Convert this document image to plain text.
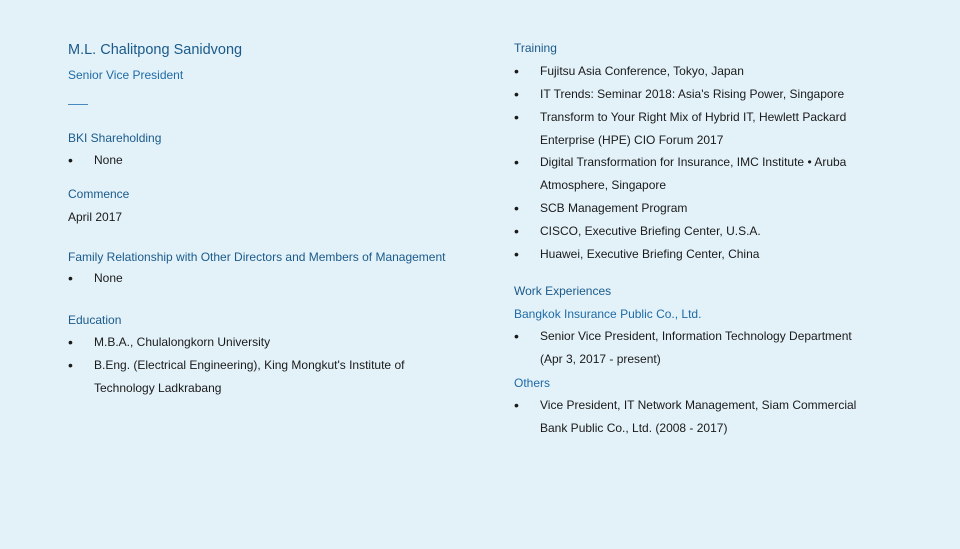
M.L. Chalitpong Sanidvong
Senior Vice President
BKI Shareholding
• None
Commence
April 2017
Family Relationship with Other Directors and Members of Management
• None
Education
• M.B.A., Chulalongkorn University
• B.Eng. (Electrical Engineering), King Mongkut's Institute of
Technology Ladkrabang
Training
• Fujitsu Asia Conference, Tokyo, Japan
• IT Trends: Seminar 2018: Asia's Rising Power, Singapore
• Transform to Your Right Mix of Hybrid IT, Hewlett Packard
Enterprise (HPE) CIO Forum 2017
• Digital Transformation for Insurance, IMC Institute • Aruba
Atmosphere, Singapore
• SCB Management Program
• CISCO, Executive Briefing Center, U.S.A.
• Huawei, Executive Briefing Center, China
Work Experiences
Bangkok Insurance Public Co., Ltd.
• Senior Vice President, Information Technology Department
(Apr 3, 2017 - present)
Others
• Vice President, IT Network Management, Siam Commercial
Bank Public Co., Ltd. (2008 - 2017)
